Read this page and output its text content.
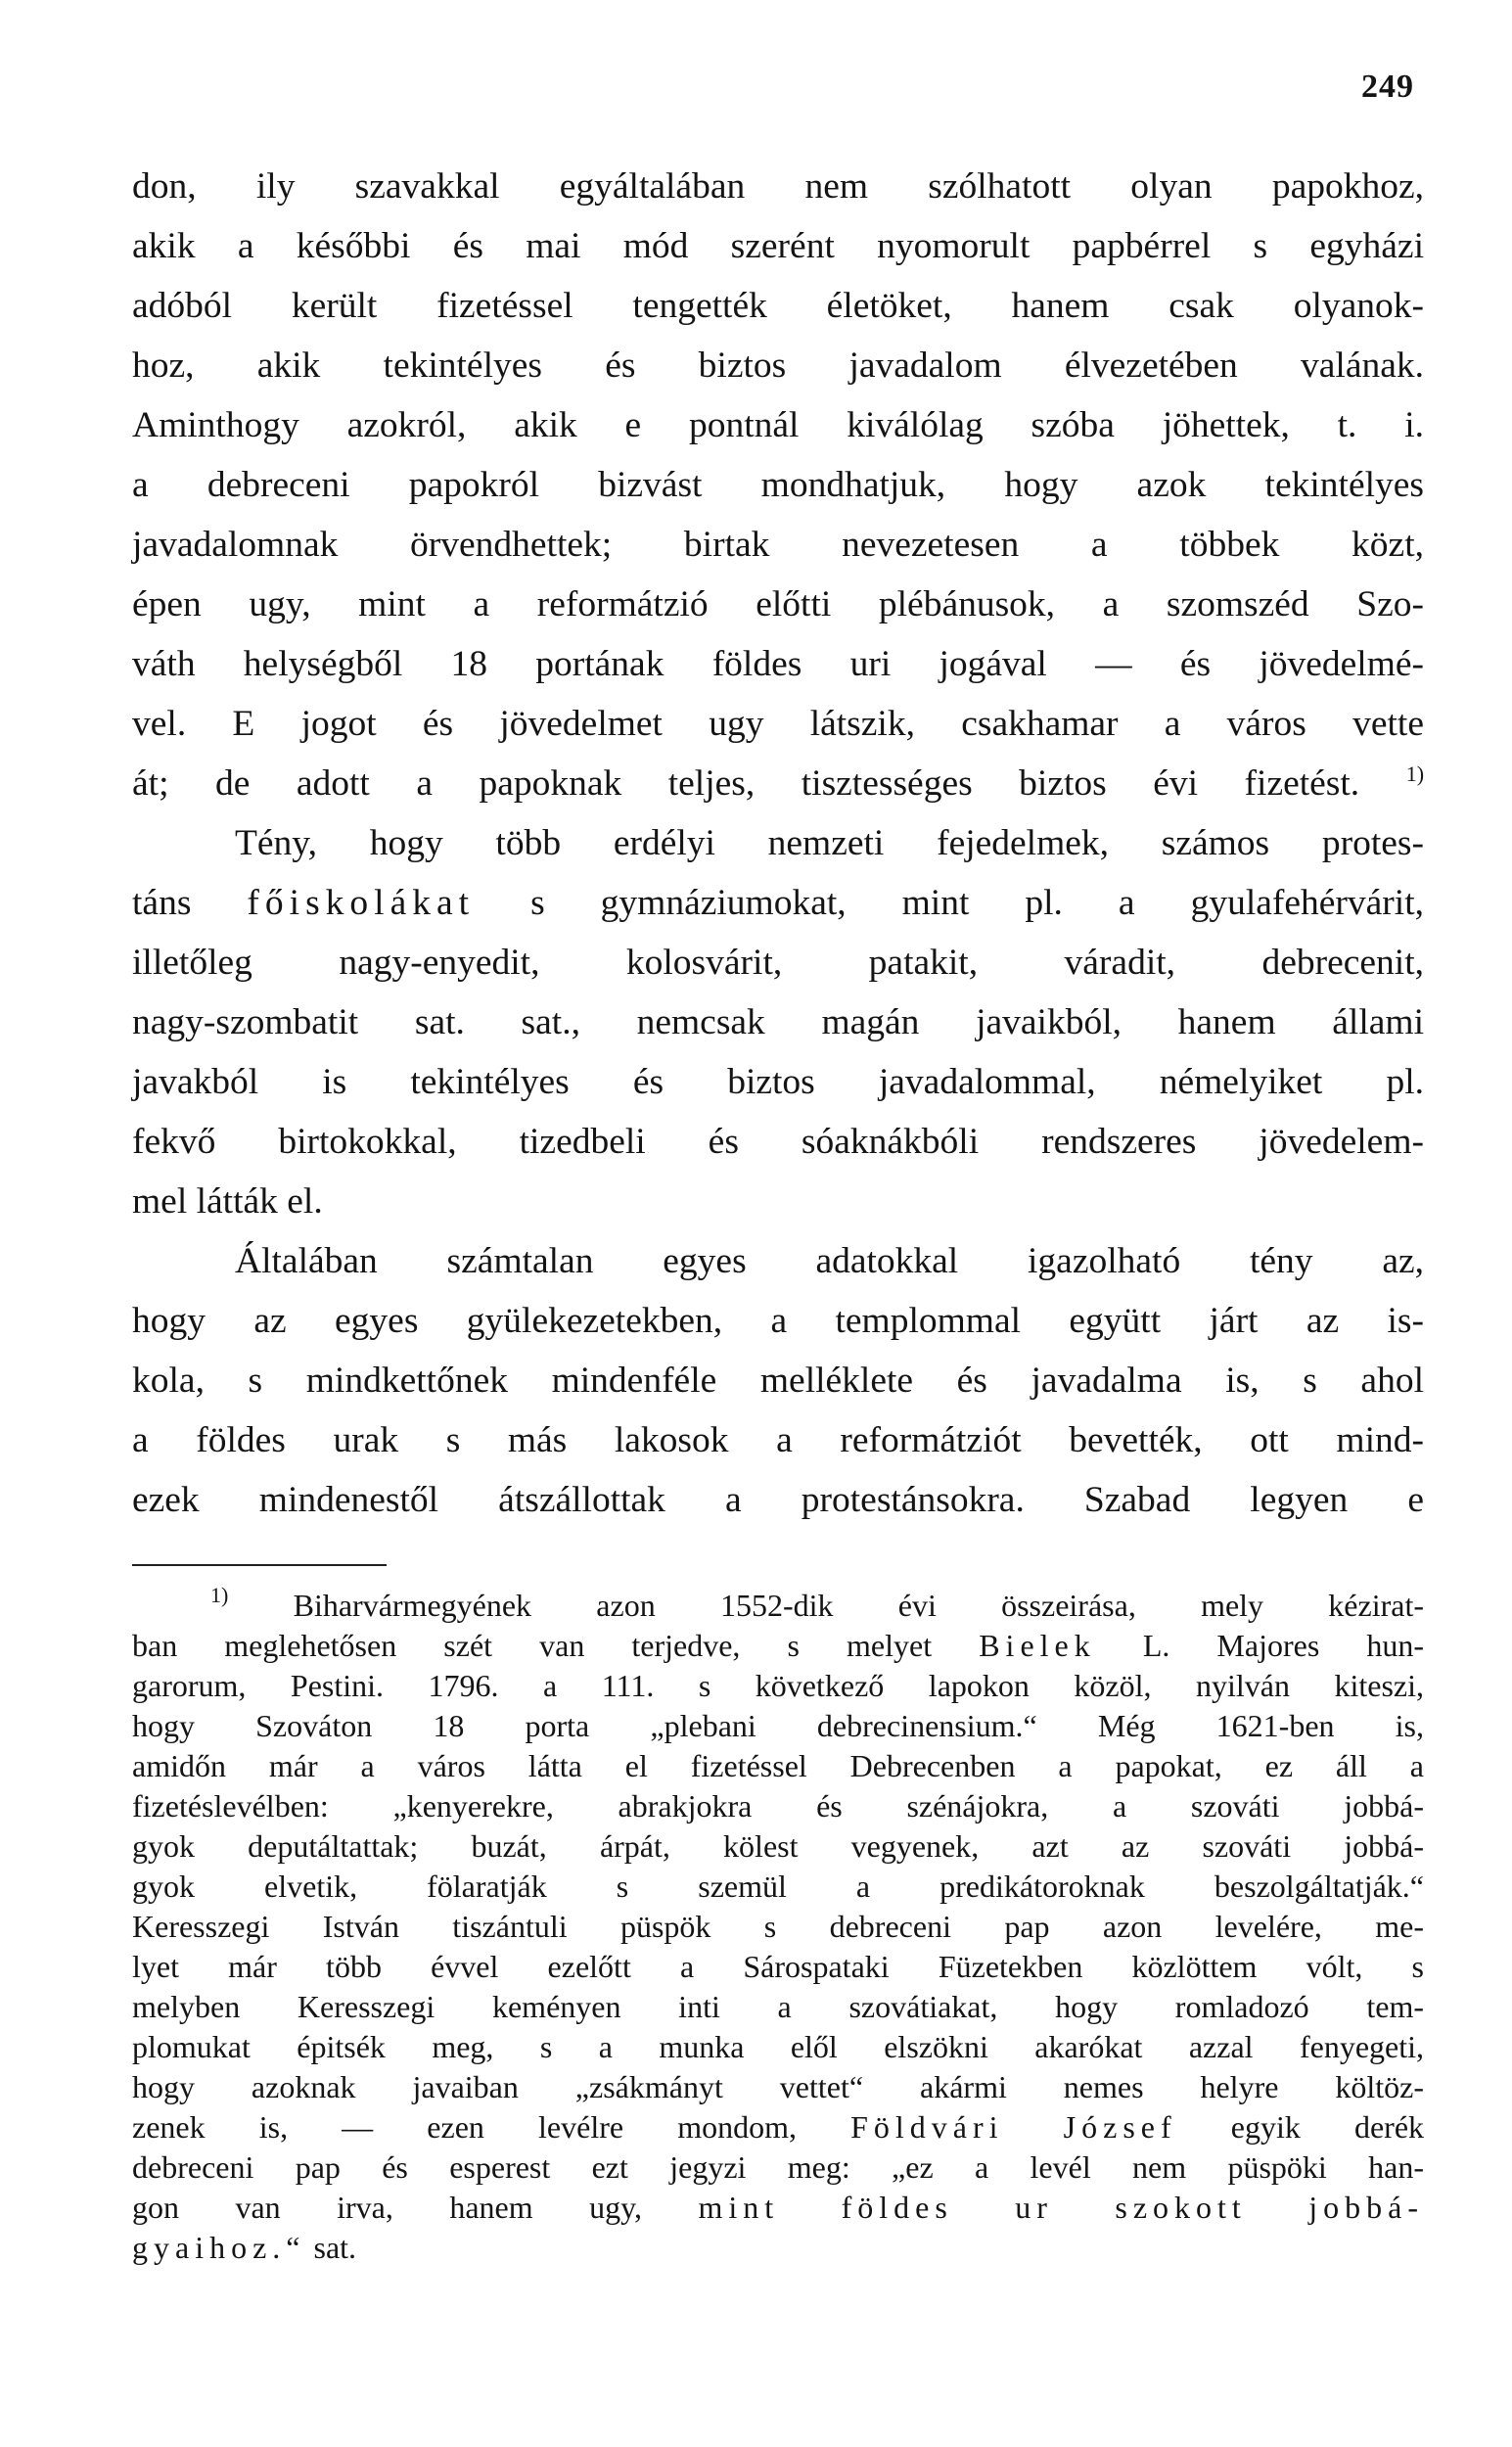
249
don, ily szavakkal egyáltalában nem szólhatott olyan papokhoz,
akik a későbbi és mai mód szerént nyomorult papbérrel s egyházi
adóból került fizetéssel tengették életöket, hanem csak olyanok-
hoz, akik tekintélyes és biztos javadalom élvezetében valának.
Aminthogy azokról, akik e pontnál kiválólag szóba jöhettek, t. i.
a debreceni papokról bizvást mondhatjuk, hogy azok tekintélyes
javadalomnak örvendhettek; birtak nevezetesen a többek közt,
épen ugy, mint a reformátzió előtti plébánusok, a szomszéd Szo-
váth helységből 18 portának földes uri jogával — és jövedelmé-
vel. E jogot és jövedelmet ugy látszik, csakhamar a város vette
át; de adott a papoknak teljes, tisztességes biztos évi fizetést. $^{1)}$
Tény, hogy több erdélyi nemzeti fejedelmek, számos protes-
táns főiskolákat s gymnáziumokat, mint pl. a gyulafehérvárit,
illetőleg nagy-enyedit, kolosvárit, patakit, váradit, debrecenit,
nagy-szombatit sat. sat., nemcsak magán javaikból, hanem állami
javakból is tekintélyes és biztos javadalommal, némelyiket pl.
fekvő birtokokkal, tizedbeli és sóaknákbóli rendszeres jövedelem-
mel látták el.
Általában számtalan egyes adatokkal igazolható tény az,
hogy az egyes gyülekezetekben, a templommal együtt járt az is-
kola, s mindkettőnek mindenféle melléklete és javadalma is, s ahol
a földes urak s más lakosok a reformátziót bevették, ott mind-
ezek mindenestől átszállottak a protestánsokra. Szabad legyen e
$^{1)}$ Biharvármegyének azon 1552-dik évi összeirása, mely kézirat-
ban meglehetősen szét van terjedve, s melyet Bielek L. Majores hun-
garorum, Pestini. 1796. a 111. s következő lapokon közöl, nyilván kiteszi,
hogy Szováton 18 porta „plebani debrecinensium.“ Még 1621-ben is,
amidőn már a város látta el fizetéssel Debrecenben a papokat, ez áll a
fizetéslevélben: „kenyerekre, abrakjokra és szénájokra, a szováti jobbá-
gyok deputáltattak; buzát, árpát, kölest vegyenek, azt az szováti jobbá-
gyok elvetik, fölaratják s szemül a predikátoroknak beszolgáltatják.“
Keresszegi István tiszántuli püspök s debreceni pap azon levelére, me-
lyet már több évvel ezelőtt a Sárospataki Füzetekben közlöttem vólt, s
melyben Keresszegi keményen inti a szovátiakat, hogy romladozó tem-
plomukat épitsék meg, s a munka elől elszökni akarókat azzal fenyegeti,
hogy azoknak javaiban „zsákmányt vettet“ akármi nemes helyre költöz-
zenek is, — ezen levélre mondom, Földvári József egyik derék
debreceni pap és esperest ezt jegyzi meg: „ez a levél nem püspöki han-
gon van irva, hanem ugy, mint földes ur szokott jobbá-
gyaihoz.“ sat.
